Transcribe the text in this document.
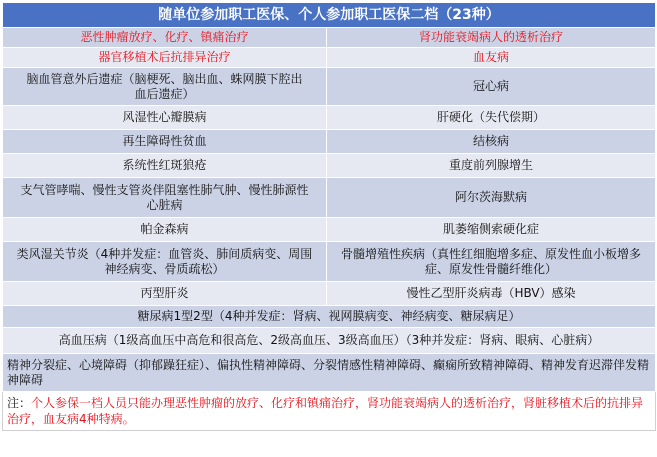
随单位参加职工医保、个人参加职工医保二档（23种）	
恶性肿瘤放疗、化疗、镇痛治疗	肾功能衰竭病人的透析治疗
器官移植术后抗排异治疗	血友病
脑血管意外后遗症（脑梗死、脑出血、蛛网膜下腔出血后遗症）	冠心病
风湿性心瓣膜病	肝硬化（失代偿期）
再生障碍性贫血	结核病
系统性红斑狼疮	重度前列腺增生
支气管哮喘、慢性支管炎伴阻塞性肺气肿、慢性肺源性心脏病	阿尔茨海默病
帕金森病	肌萎缩侧索硬化症
类风湿关节炎（4种并发症：血管炎、肺间质病变、周围神经病变、骨质疏松）	骨髓增殖性疾病（真性红细胞增多症、原发性血小板增多症、原发性骨髓纤维化）
丙型肝炎	慢性乙型肝炎病毒（HBV）感染
糖尿病1型2型（4种并发症：肾病、视网膜病变、神经病变、糖尿病足）	
高血压病（1级高血压中高危和很高危、2级高血压、3级高血压）（3种并发症：肾病、眼病、心脏病）	
精神分裂症、心境障碍（抑郁躁狂症）、偏执性精神障碍、分裂情感性精神障碍、癫痫所致精神障碍、精神发育迟滞伴发精神障碍	
注：个人参保一档人员只能办理恶性肿瘤的放疗、化疗和镇痛治疗，肾功能衰竭病人的透析治疗，肾脏移植术后的抗排异治疗，血友病4种特病。	
